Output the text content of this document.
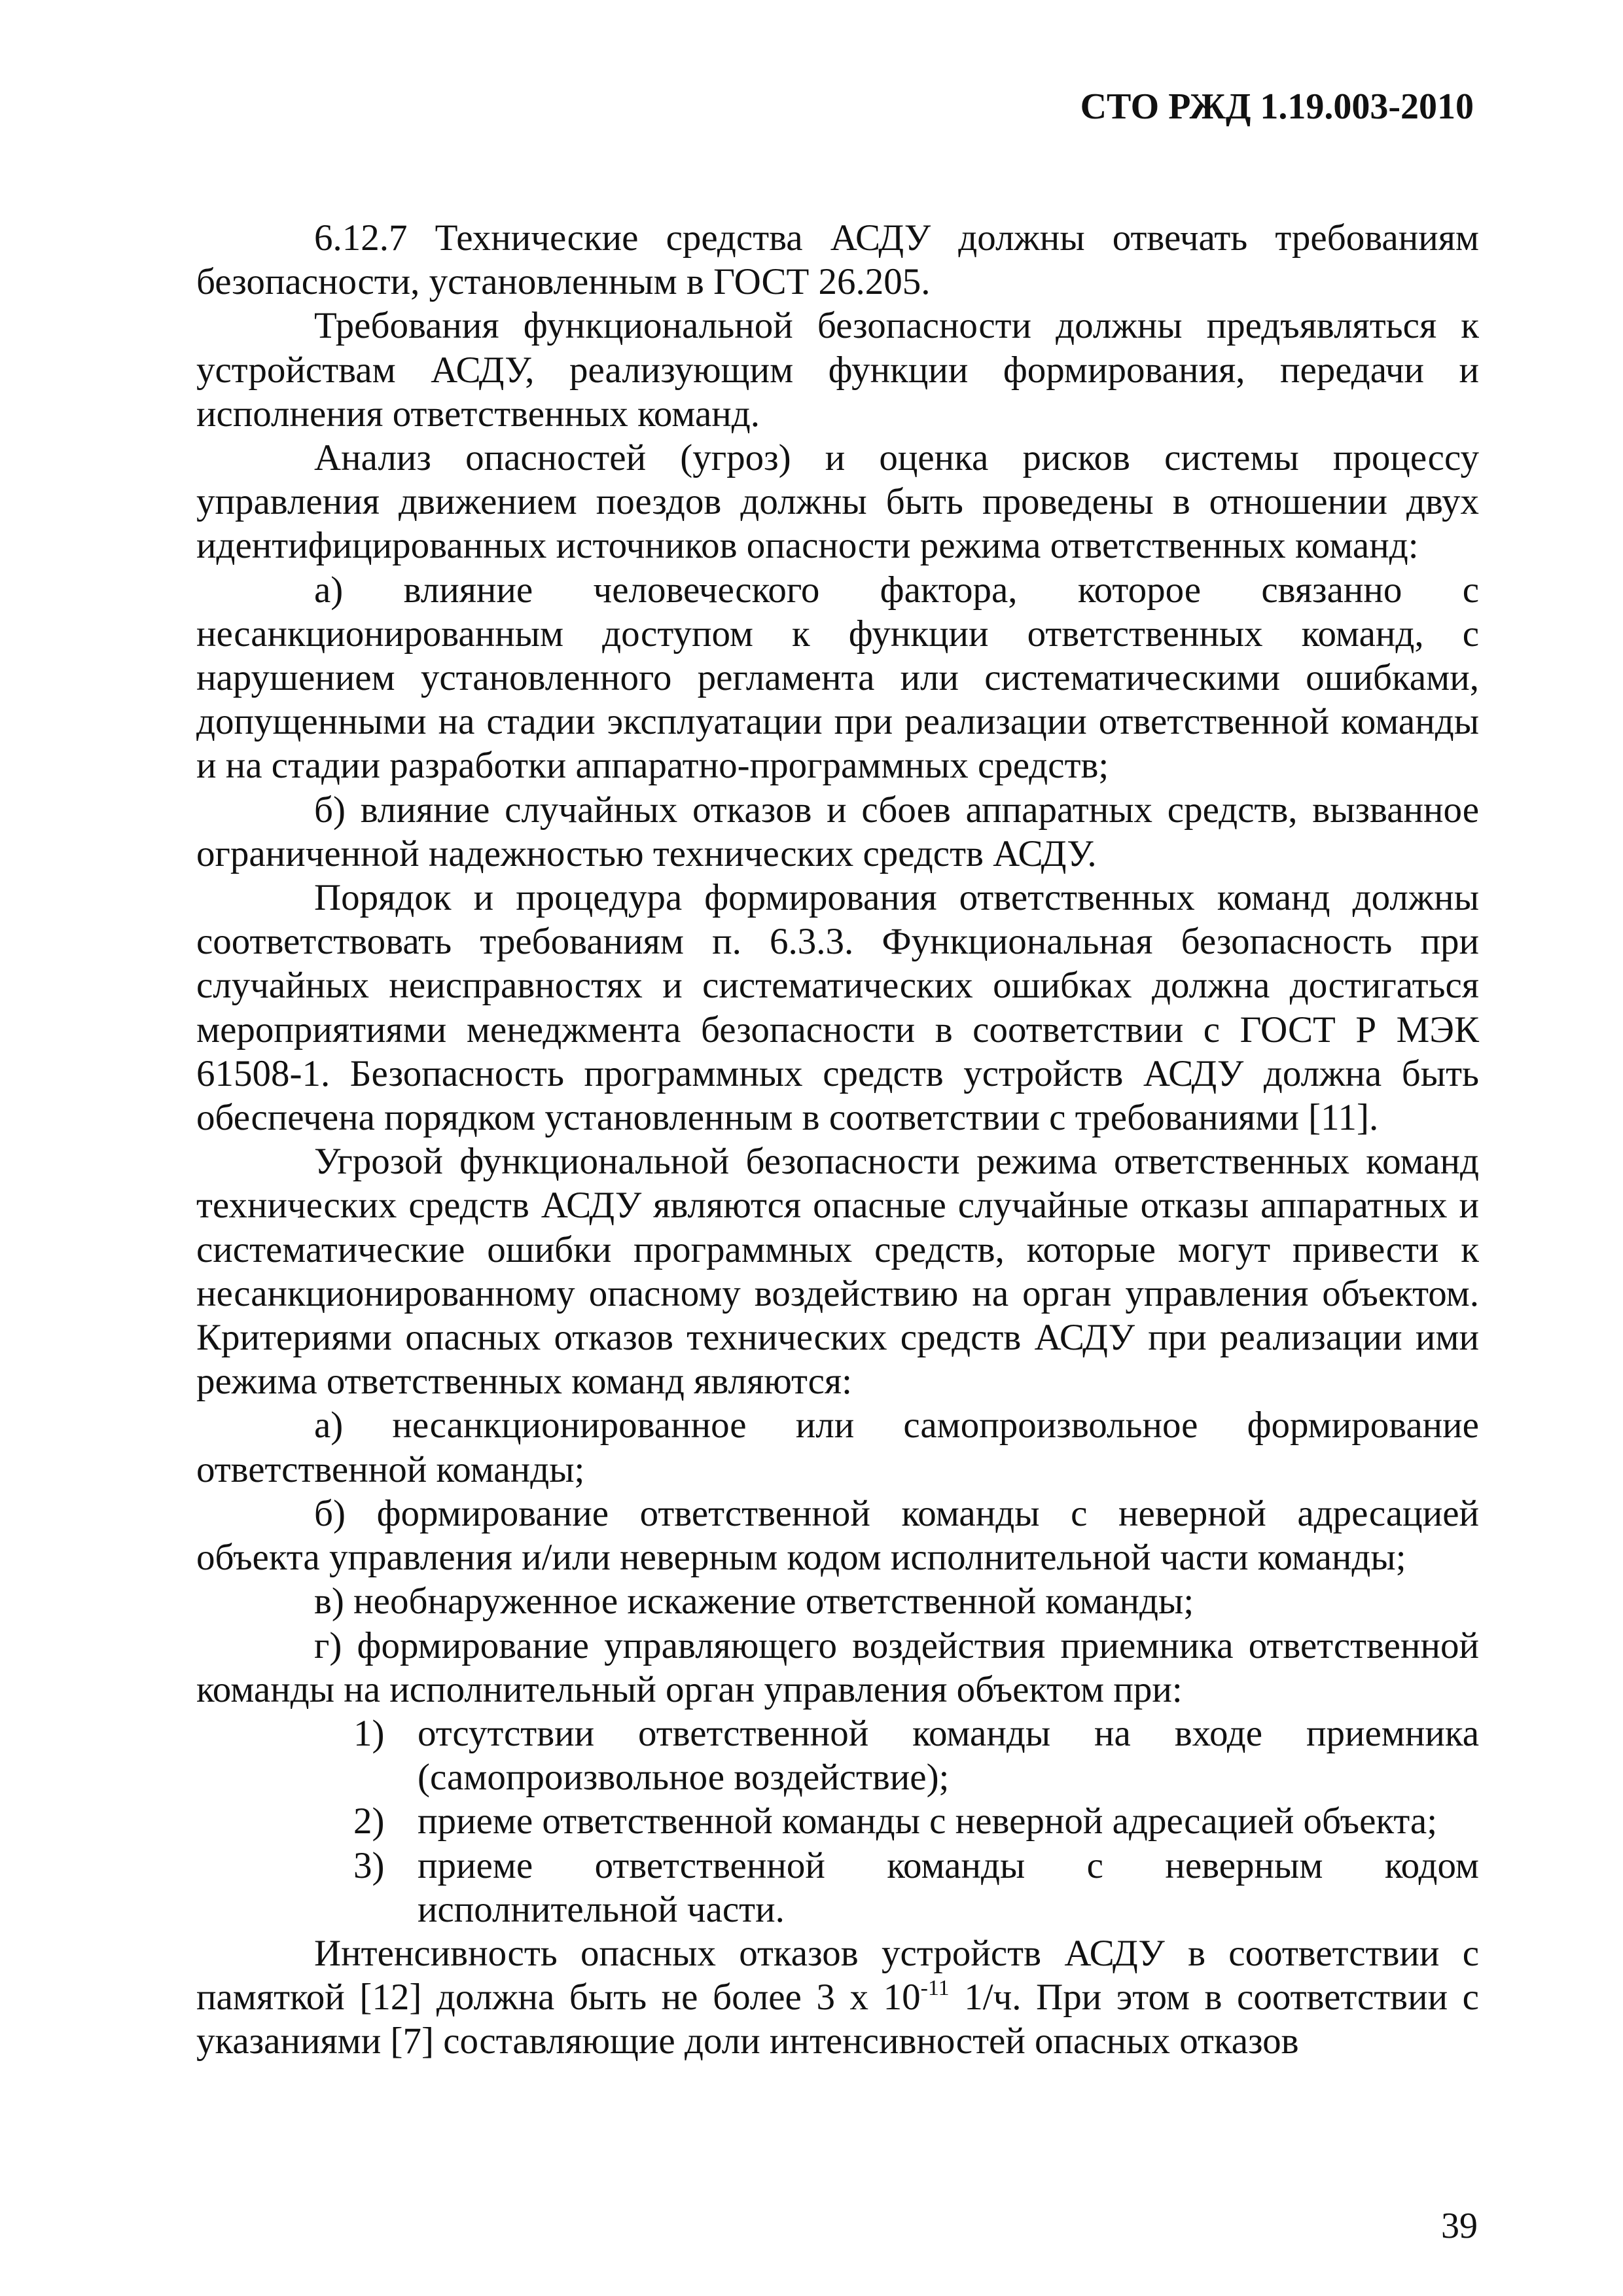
СТО РЖД 1.19.003-2010

6.12.7 Технические средства АСДУ должны отвечать требованиям безопасности, установленным в ГОСТ 26.205.

Требования функциональной безопасности должны предъявляться к устройствам АСДУ, реализующим функции формирования, передачи и исполнения ответственных команд.

Анализ опасностей (угроз) и оценка рисков системы процессу управления движением поездов должны быть проведены в отношении двух идентифицированных источников опасности режима ответственных команд:

а) влияние человеческого фактора, которое связанно с несанкционированным доступом к функции ответственных команд, с нарушением установленного регламента или систематическими ошибками, допущенными на стадии эксплуатации при реализации ответственной команды и на стадии разработки аппаратно-программных средств;

б) влияние случайных отказов и сбоев аппаратных средств, вызванное ограниченной надежностью технических средств АСДУ.

Порядок и процедура формирования ответственных команд должны соответствовать требованиям п. 6.3.3. Функциональная безопасность при случайных неисправностях и систематических ошибках должна достигаться мероприятиями менеджмента безопасности в соответствии с ГОСТ Р МЭК 61508-1. Безопасность программных средств устройств АСДУ должна быть обеспечена порядком установленным в соответствии с требованиями [11].

Угрозой функциональной безопасности режима ответственных команд технических средств АСДУ являются опасные случайные отказы аппаратных и систематические ошибки программных средств, которые могут привести к несанкционированному опасному воздействию на орган управления объектом. Критериями опасных отказов технических средств АСДУ при реализации ими режима ответственных команд являются:

а) несанкционированное или самопроизвольное формирование ответственной команды;

б) формирование ответственной команды с неверной адресацией объекта управления и/или неверным кодом исполнительной части команды;

в) необнаруженное искажение ответственной команды;

г) формирование управляющего воздействия приемника ответственной команды на исполнительный орган управления объектом при:

1) отсутствии ответственной команды на входе приемника (самопроизвольное воздействие);
2) приеме ответственной команды с неверной адресацией объекта;
3) приеме ответственной команды с неверным кодом исполнительной части.

Интенсивность опасных отказов устройств АСДУ в соответствии с памяткой [12] должна быть не более 3 х $10^{-11}$ 1/ч. При этом в соответствии с указаниями [7] составляющие доли интенсивностей опасных отказов

39
